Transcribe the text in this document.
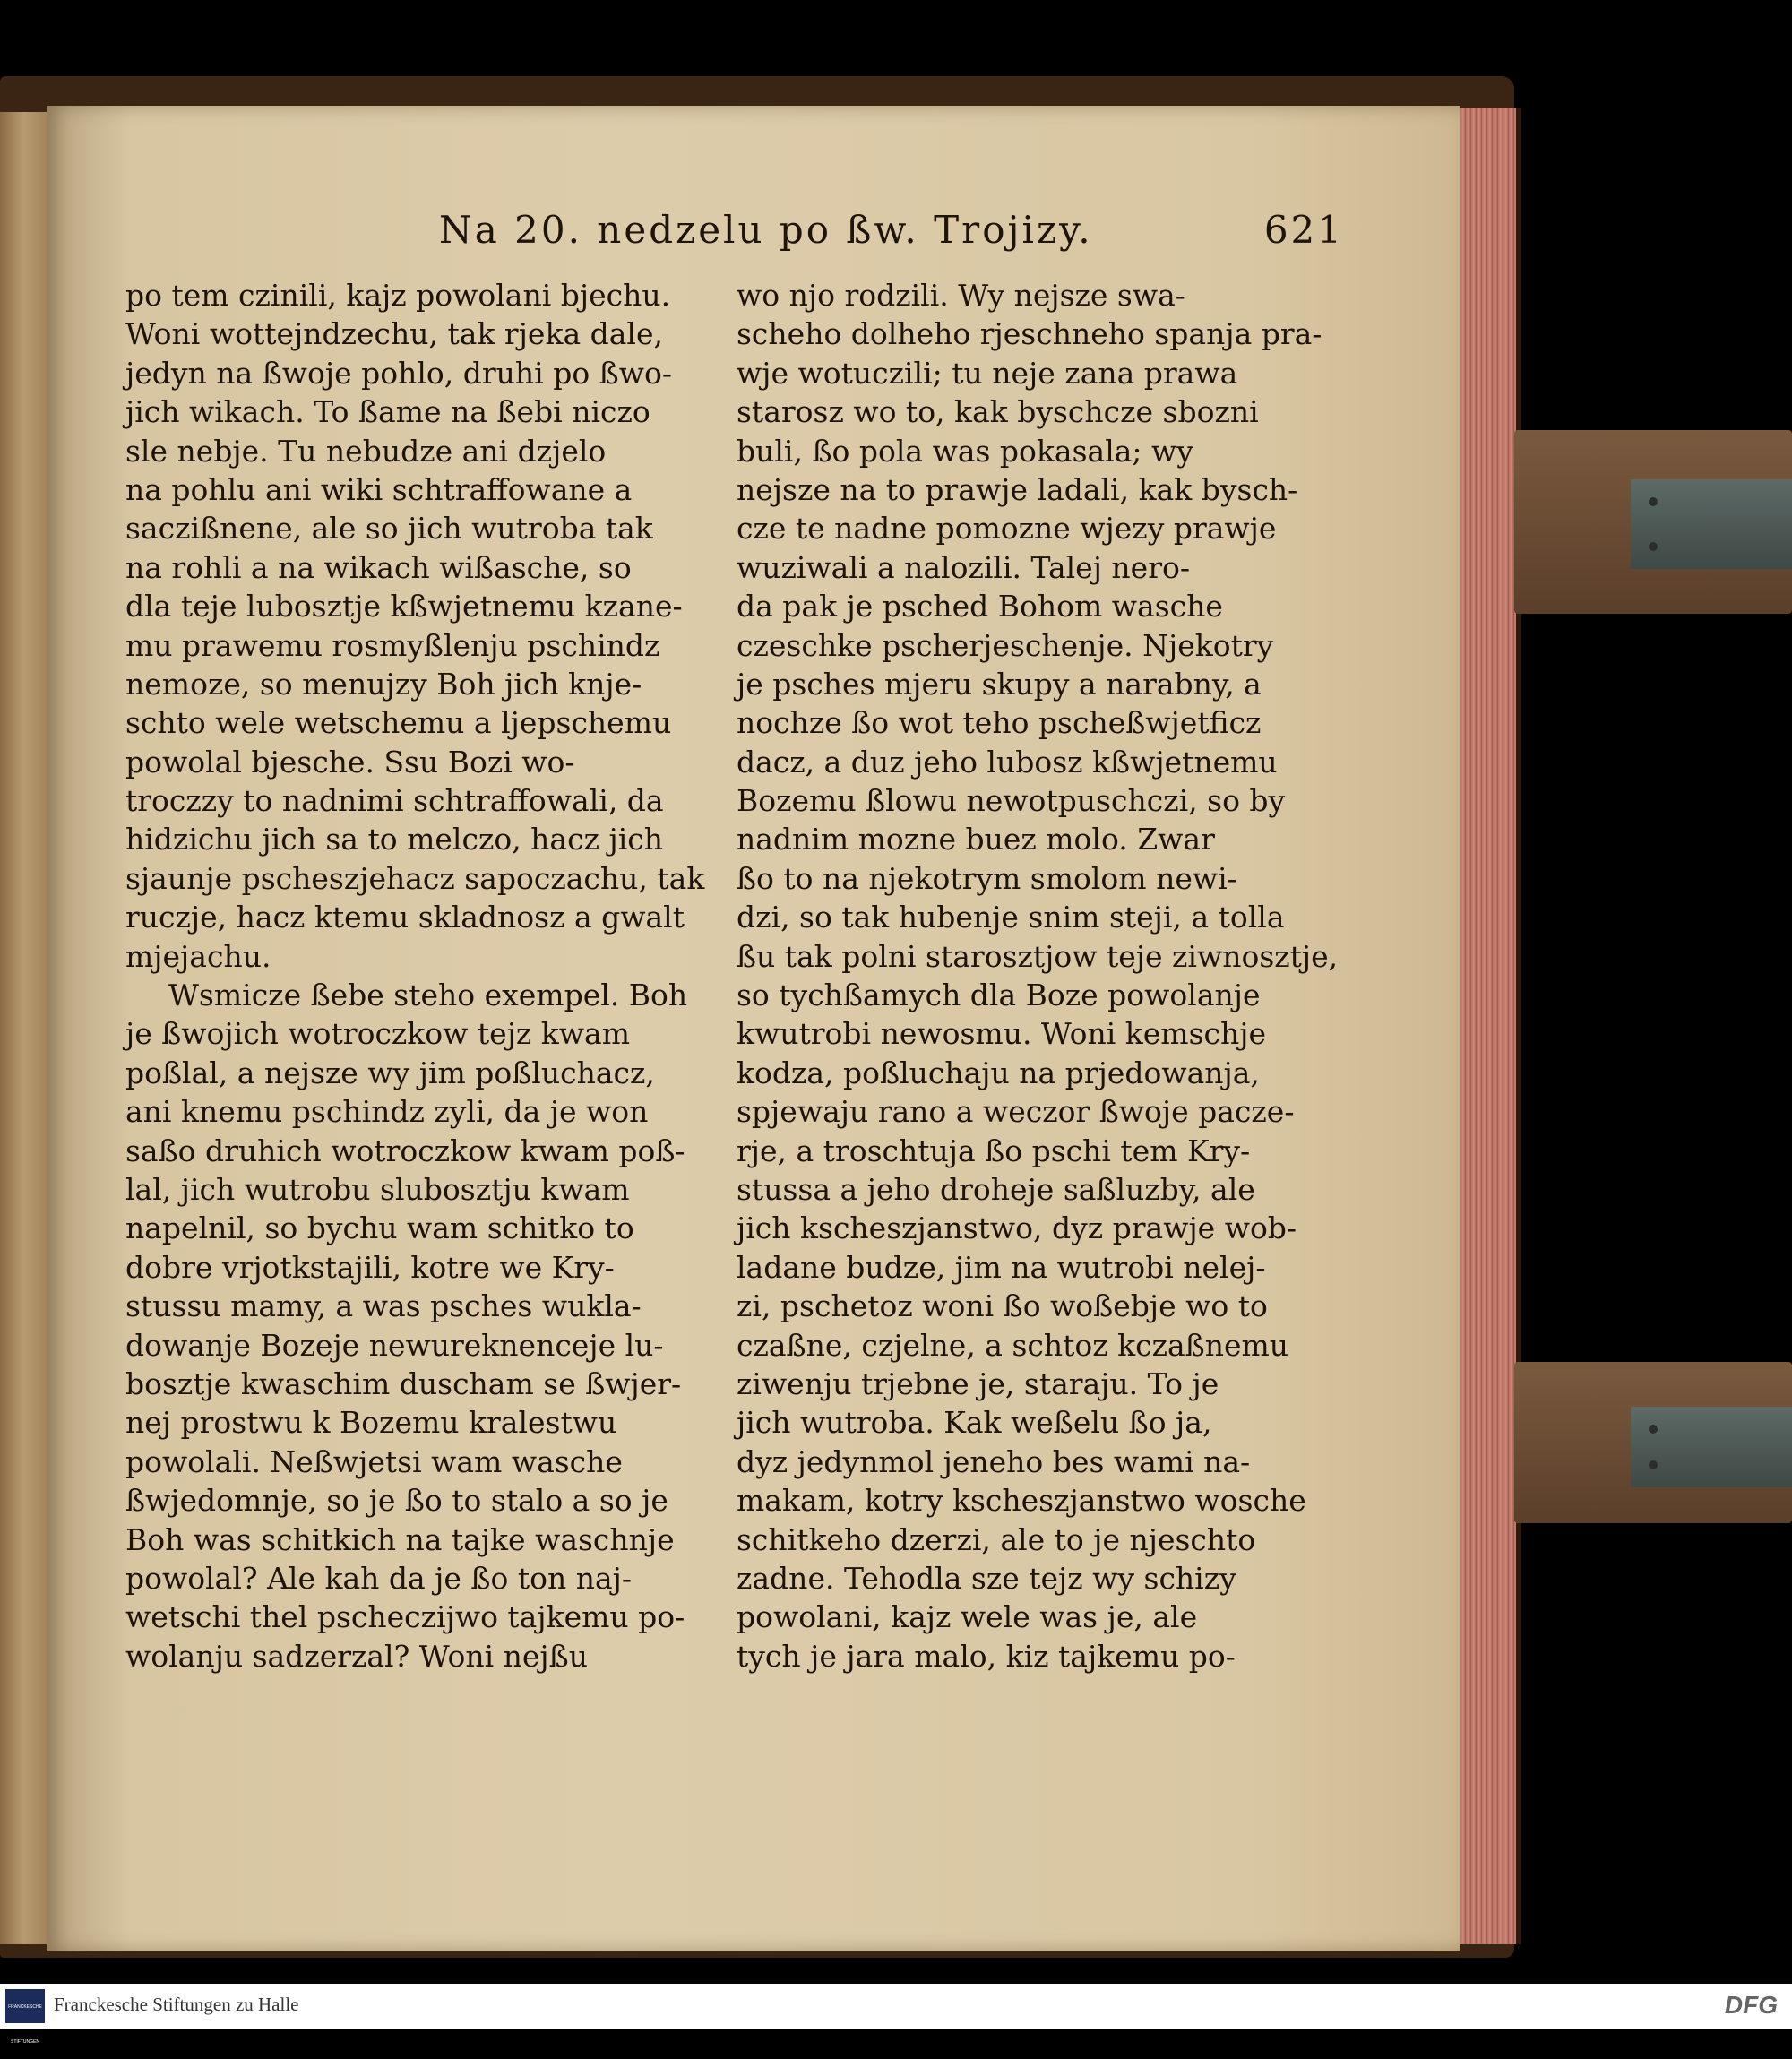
Na 20. nedzelu po ßw. Trojizy.	621
po tem czinili, kajz powolani bjechu.
Woni wottejndzechu, tak rjeka dale,
jedyn na ßwoje pohlo, druhi po ßwo-
jich wikach. To ßame na ßebi niczo
sle nebje. Tu nebudze ani dzjelo
na pohlu ani wiki schtraffowane a
saczißnene, ale so jich wutroba tak
na rohli a na wikach wißasche, so
dla teje lubosztje kßwjetnemu kzane-
mu prawemu rosmyßlenju pschindz
nemoze, so menujzy Boh jich knje-
schto wele wetschemu a ljepschemu
powolal bjesche. Ssu Bozi wo-
troczzy to nadnimi schtraffowali, da
hidzichu jich sa to melczo, hacz jich
sjaunje pscheszjehacz sapoczachu, tak
ruczje, hacz ktemu skladnosz a gwalt
mjejachu.
Wsmicze ßebe steho exempel. Boh
je ßwojich wotroczkow tejz kwam
poßlal, a nejsze wy jim poßluchacz,
ani knemu pschindz zyli, da je won
saßo druhich wotroczkow kwam poß-
lal, jich wutrobu slubosztju kwam
napelnil, so bychu wam schitko to
dobre vrjotkstajili, kotre we Kry-
stussu mamy, a was psches wukla-
dowanje Bozeje newureknenceje lu-
bosztje kwaschim duscham se ßwjer-
nej prostwu k Bozemu kralestwu
powolali. Neßwjetsi wam wasche
ßwjedomnje, so je ßo to stalo a so je
Boh was schitkich na tajke waschnje
powolal? Ale kah da je ßo ton naj-
wetschi thel pscheczijwo tajkemu po-
wolanju sadzerzal? Woni nejßu
wo njo rodzili. Wy nejsze swa-
scheho dolheho rjeschneho spanja pra-
wje wotuczili; tu neje zana prawa
starosz wo to, kak byschcze sbozni
buli, ßo pola was pokasala; wy
nejsze na to prawje ladali, kak bysch-
cze te nadne pomozne wjezy prawje
wuziwali a nalozili. Talej nero-
da pak je psched Bohom wasche
czeschke pscherjeschenje. Njekotry
je psches mjeru skupy a narabny, a
nochze ßo wot teho pscheßwjetficz
dacz, a duz jeho lubosz kßwjetnemu
Bozemu ßlowu newotpuschczi, so by
nadnim mozne buez molo. Zwar
ßo to na njekotrym smolom newi-
dzi, so tak hubenje snim steji, a tolla
ßu tak polni starosztjow teje ziwnosztje,
so tychßamych dla Boze powolanje
kwutrobi newosmu. Woni kemschje
kodza, poßluchaju na prjedowanja,
spjewaju rano a weczor ßwoje pacze-
rje, a troschtuja ßo pschi tem Kry-
stussa a jeho droheje saßluzby, ale
jich kscheszjanstwo, dyz prawje wob-
ladane budze, jim na wutrobi nelej-
zi, pschetoz woni ßo woßebje wo to
czaßne, czjelne, a schtoz kczaßnemu
ziwenju trjebne je, staraju. To je
jich wutroba. Kak weßelu ßo ja,
dyz jedynmol jeneho bes wami na-
makam, kotry kscheszjanstwo wosche
schitkeho dzerzi, ale to je njeschto
zadne. Tehodla sze tejz wy schizy
powolani, kajz wele was je, ale
tych je jara malo, kiz tajkemu po-
FRANCKESCHE STIFTUNGEN
Franckesche Stiftungen zu Halle	DFG
